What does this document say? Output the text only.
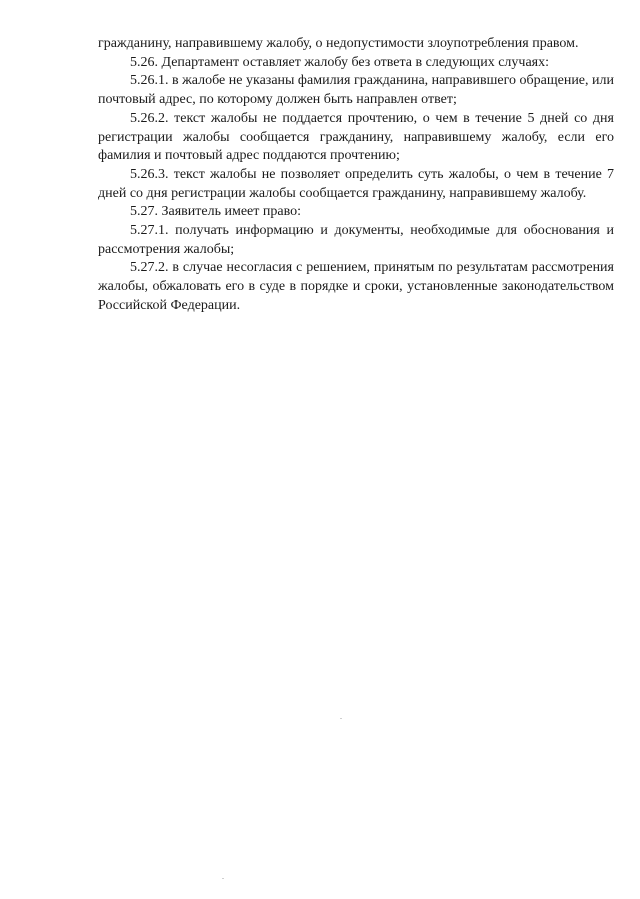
гражданину, направившему жалобу, о недопустимости злоупотребления правом.

5.26. Департамент оставляет жалобу без ответа в следующих случаях:

5.26.1. в жалобе не указаны фамилия гражданина, направившего обращение, или почтовый адрес, по которому должен быть направлен ответ;

5.26.2. текст жалобы не поддается прочтению, о чем в течение 5 дней со дня регистрации жалобы сообщается гражданину, направившему жалобу, если его фамилия и почтовый адрес поддаются прочтению;

5.26.3. текст жалобы не позволяет определить суть жалобы, о чем в течение 7 дней со дня регистрации жалобы сообщается гражданину, направившему жалобу.

5.27. Заявитель имеет право:

5.27.1. получать информацию и документы, необходимые для обоснования и рассмотрения жалобы;

5.27.2. в случае несогласия с решением, принятым по результатам рассмотрения жалобы, обжаловать его в суде в порядке и сроки, установленные законодательством Российской Федерации.
